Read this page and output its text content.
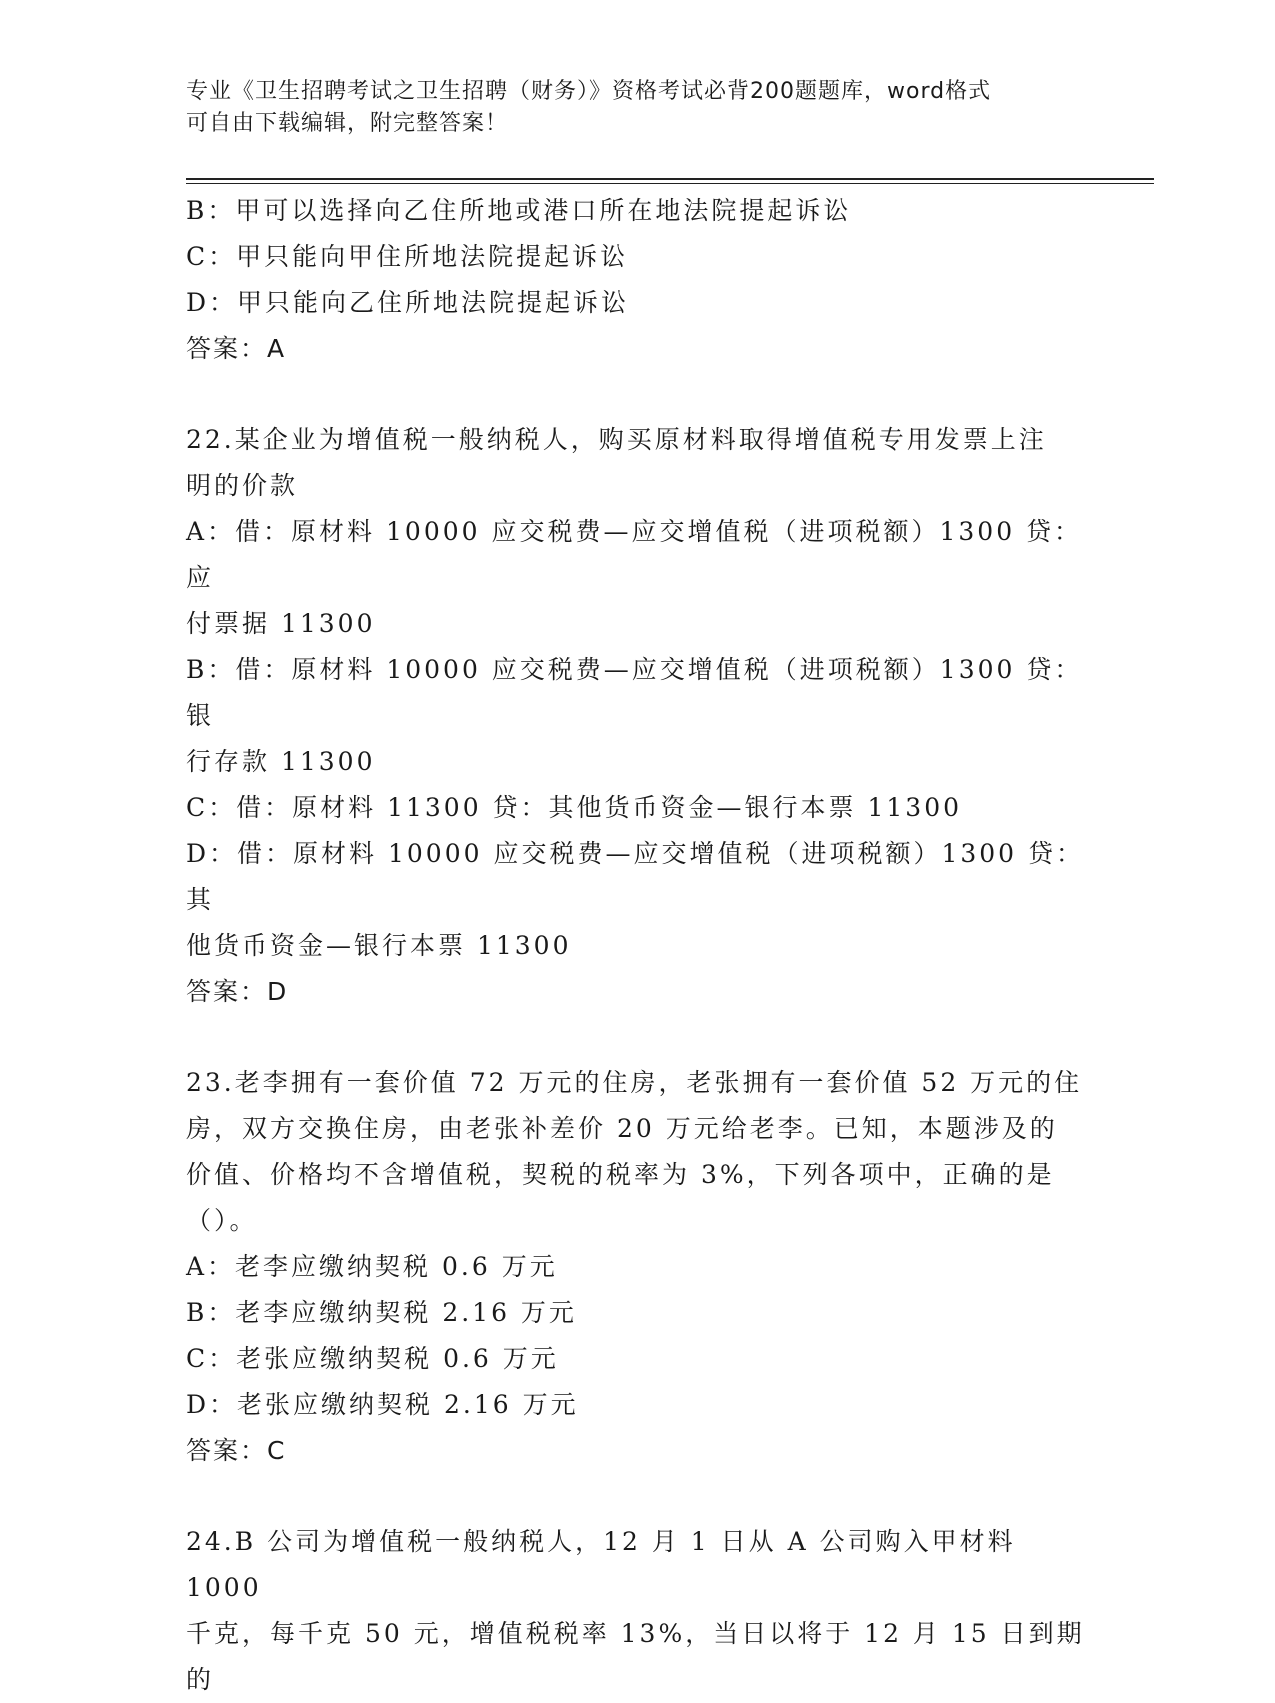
专业《卫生招聘考试之卫生招聘（财务）》资格考试必背200题题库，word格式
可自由下载编辑，附完整答案！
B：甲可以选择向乙住所地或港口所在地法院提起诉讼
C：甲只能向甲住所地法院提起诉讼
D：甲只能向乙住所地法院提起诉讼
答案：A
22.某企业为增值税一般纳税人，购买原材料取得增值税专用发票上注
明的价款
A：借：原材料 10000 应交税费—应交增值税（进项税额）1300 贷：应
付票据 11300
B：借：原材料 10000 应交税费—应交增值税（进项税额）1300 贷：银
行存款 11300
C：借：原材料 11300 贷：其他货币资金—银行本票 11300
D：借：原材料 10000 应交税费—应交增值税（进项税额）1300 贷：其
他货币资金—银行本票 11300
答案：D
23.老李拥有一套价值 72 万元的住房，老张拥有一套价值 52 万元的住
房，双方交换住房，由老张补差价 20 万元给老李。已知，本题涉及的
价值、价格均不含增值税，契税的税率为 3%，下列各项中，正确的是
（）。
A：老李应缴纳契税 0.6 万元
B：老李应缴纳契税 2.16 万元
C：老张应缴纳契税 0.6 万元
D：老张应缴纳契税 2.16 万元
答案：C
24.B 公司为增值税一般纳税人，12 月 1 日从 A 公司购入甲材料 1000
千克，每千克 50 元，增值税税率 13%，当日以将于 12 月 15 日到期的
